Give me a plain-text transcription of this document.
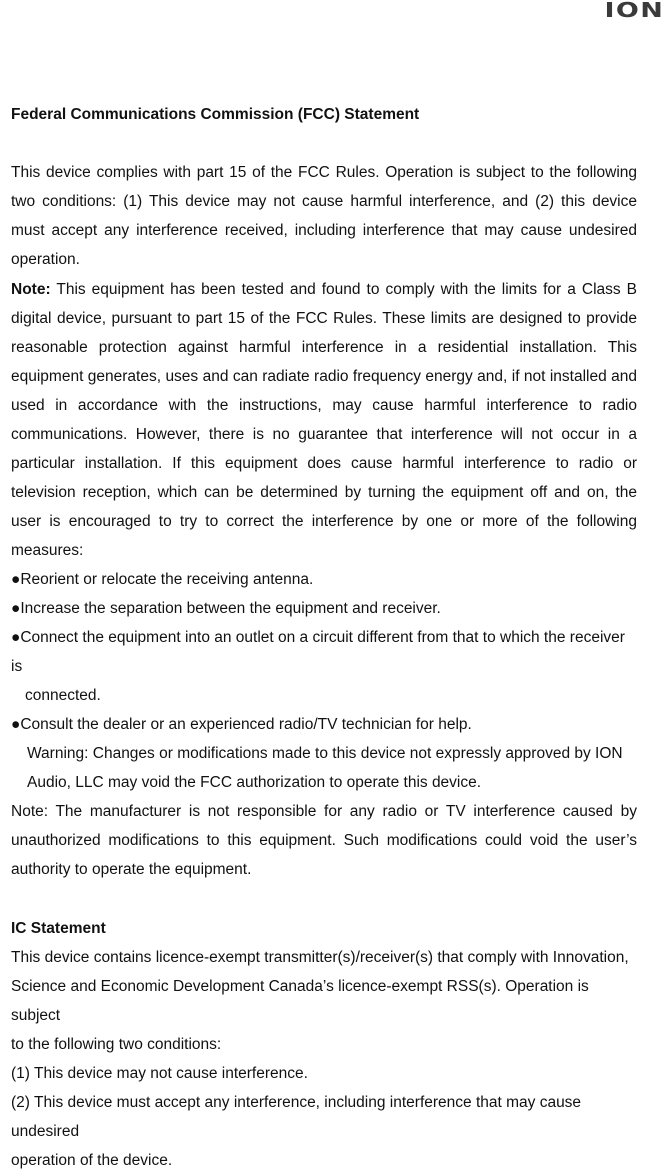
ION

Federal Communications Commission (FCC) Statement

This device complies with part 15 of the FCC Rules. Operation is subject to the following two conditions: (1) This device may not cause harmful interference, and (2) this device must accept any interference received, including interference that may cause undesired operation.

Note: This equipment has been tested and found to comply with the limits for a Class B digital device, pursuant to part 15 of the FCC Rules. These limits are designed to provide reasonable protection against harmful interference in a residential installation. This equipment generates, uses and can radiate radio frequency energy and, if not installed and used in accordance with the instructions, may cause harmful interference to radio communications. However, there is no guarantee that interference will not occur in a particular installation. If this equipment does cause harmful interference to radio or television reception, which can be determined by turning the equipment off and on, the user is encouraged to try to correct the interference by one or more of the following measures:

●Reorient or relocate the receiving antenna.

●Increase the separation between the equipment and receiver.

●Connect the equipment into an outlet on a circuit different from that to which the receiver is

connected.

●Consult the dealer or an experienced radio/TV technician for help.

Warning: Changes or modifications made to this device not expressly approved by ION

Audio, LLC may void the FCC authorization to operate this device.

Note: The manufacturer is not responsible for any radio or TV interference caused by unauthorized modifications to this equipment. Such modifications could void the user’s authority to operate the equipment.

IC Statement

This device contains licence-exempt transmitter(s)/receiver(s) that comply with Innovation,

Science and Economic Development Canada’s licence-exempt RSS(s). Operation is subject

to the following two conditions:

(1) This device may not cause interference.

(2) This device must accept any interference, including interference that may cause undesired

operation of the device.
